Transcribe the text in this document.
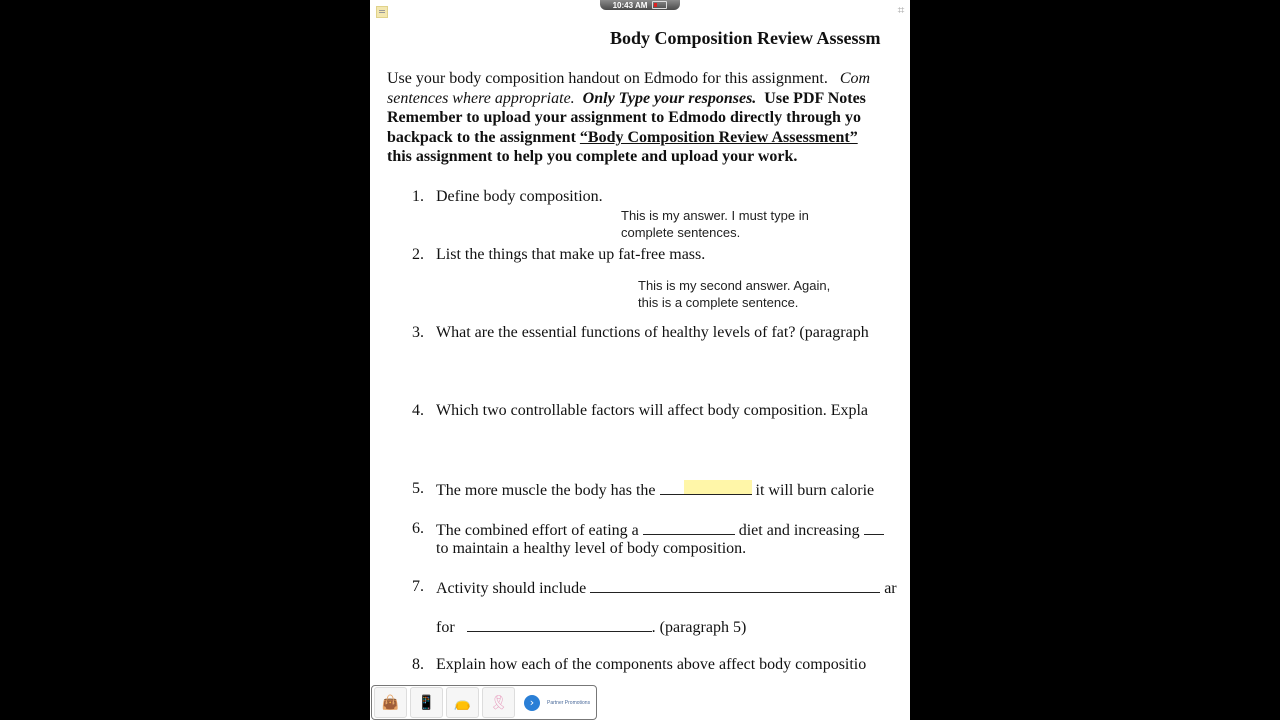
10:43 AM	⌗
Body Composition Review Assessm
Use your body composition handout on Edmodo for this assignment. Com
sentences where appropriate. Only Type your responses. Use PDF Notes
Remember to upload your assignment to Edmodo directly through yo
backpack to the assignment “Body Composition Review Assessment”
this assignment to help you complete and upload your work.
1. Define body composition.
This is my answer. I must type in
complete sentences.
2. List the things that make up fat-free mass.
This is my second answer. Again,
this is a complete sentence.
3. What are the essential functions of healthy levels of fat? (paragraph
4. Which two controllable factors will affect body composition. Expla
5. The more muscle the body has the	it will burn calorie
6. The combined effort of eating a	diet and increasing
to maintain a healthy level of body composition.
7. Activity should include	ar
for	. (paragraph 5)
8. Explain how each of the components above affect body compositio
👜	📱	👝	🎗	›	Partner Promotions
